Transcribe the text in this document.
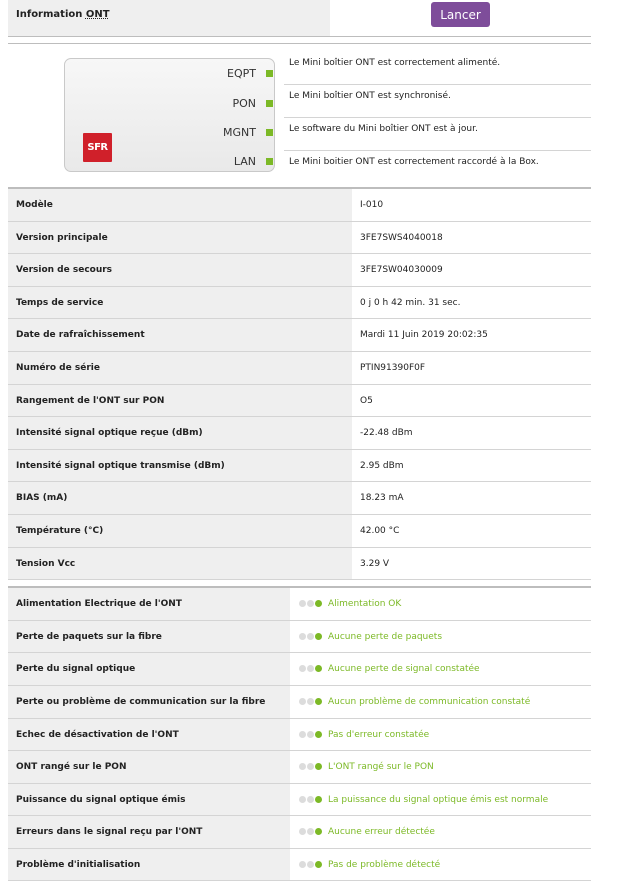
Information ONT	Lancer
EQPT
PON
MGNT
LAN
SFR
Le Mini boîtier ONT est correctement alimenté.
Le Mini boîtier ONT est synchronisé.
Le software du Mini boîtier ONT est à jour.
Le Mini boitier ONT est correctement raccordé à la Box.
Modèle	I-010
Version principale	3FE7SWS4040018
Version de secours	3FE7SW04030009
Temps de service	0 j 0 h 42 min. 31 sec.
Date de rafraîchissement	Mardi 11 Juin 2019 20:02:35
Numéro de série	PTIN91390F0F
Rangement de l'ONT sur PON	O5
Intensité signal optique reçue (dBm)	-22.48 dBm
Intensité signal optique transmise (dBm)	2.95 dBm
BIAS (mA)	18.23 mA
Température (°C)	42.00 °C
Tension Vcc	3.29 V
Alimentation Electrique de l'ONT	Alimentation OK
Perte de paquets sur la fibre	Aucune perte de paquets
Perte du signal optique	Aucune perte de signal constatée
Perte ou problème de communication sur la fibre	Aucun problème de communication constaté
Echec de désactivation de l'ONT	Pas d'erreur constatée
ONT rangé sur le PON	L'ONT rangé sur le PON
Puissance du signal optique émis	La puissance du signal optique émis est normale
Erreurs dans le signal reçu par l'ONT	Aucune erreur détectée
Problème d'initialisation	Pas de problème détecté
